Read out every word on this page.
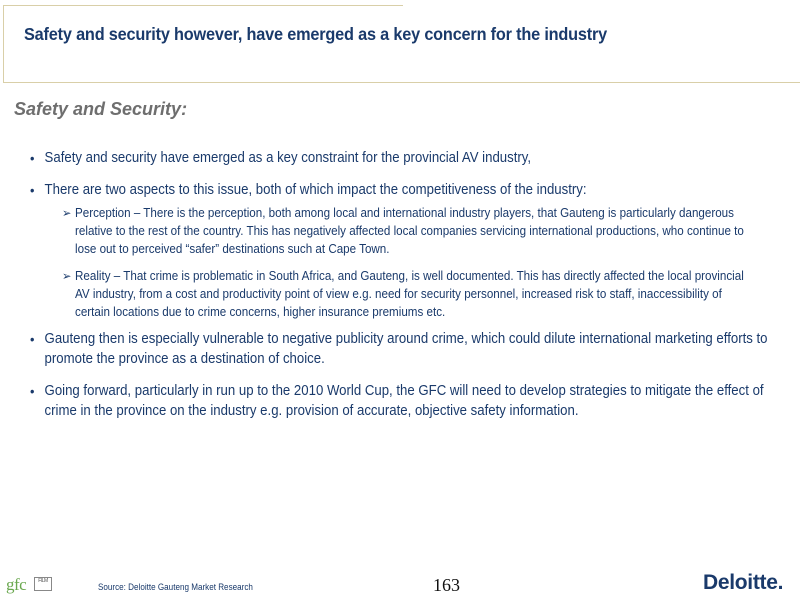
Safety and security however, have emerged as a key concern for the industry
Safety and Security:
• Safety and security have emerged as a key constraint for the provincial AV industry,
• There are two aspects to this issue, both of which impact the competitiveness of the industry:
➢ Perception – There is the perception, both among local and international industry players, that Gauteng is particularly dangerous relative to the rest of the country. This has negatively affected local companies servicing international productions, who continue to lose out to perceived “safer” destinations such at Cape Town.
➢ Reality – That crime is problematic in South Africa, and Gauteng, is well documented. This has directly affected the local provincial AV industry, from a cost and productivity point of view e.g. need for security personnel, increased risk to staff, inaccessibility of certain locations due to crime concerns, higher insurance premiums etc.
• Gauteng then is especially vulnerable to negative publicity around crime, which could dilute international marketing efforts to promote the province as a destination of choice.
• Going forward, particularly in run up to the 2010 World Cup, the GFC will need to develop strategies to mitigate the effect of crime in the province on the industry e.g. provision of accurate, objective safety information.
gfc	FILM
Source: Deloitte Gauteng Market Research	163	Deloitte.
